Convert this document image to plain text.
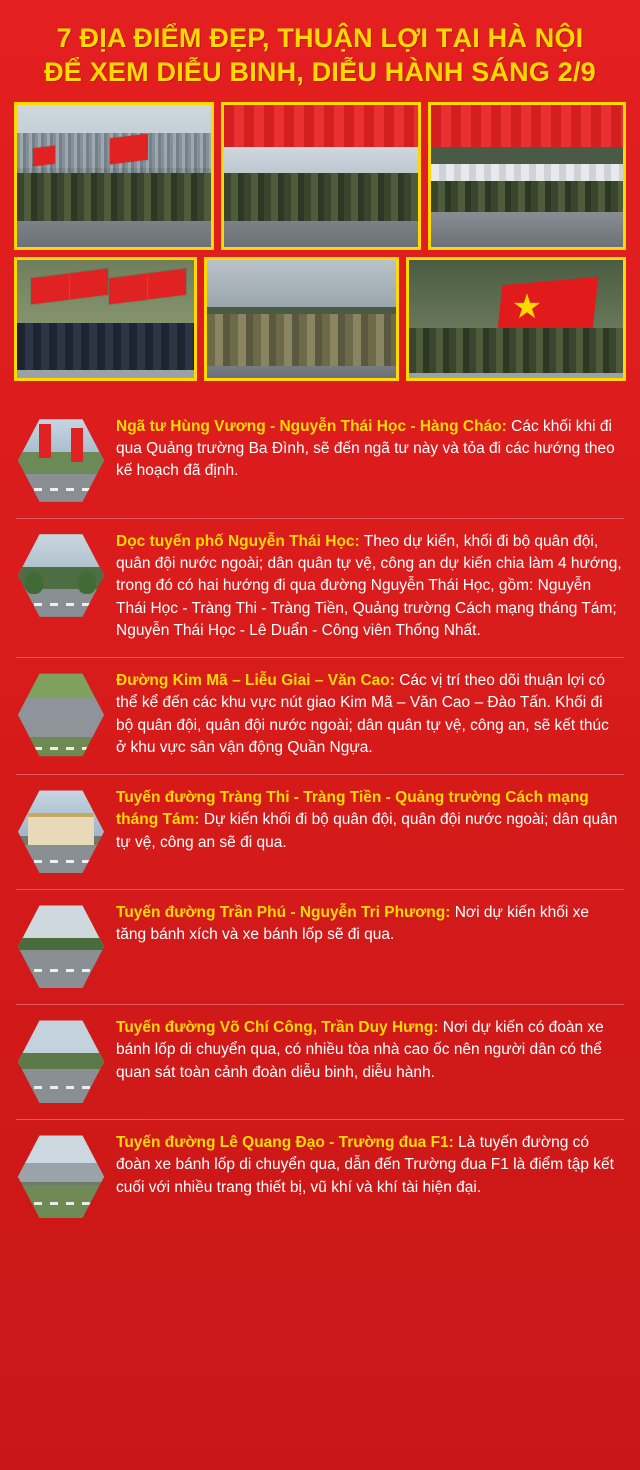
7 ĐỊA ĐIỂM ĐẸP, THUẬN LỢI TẠI HÀ NỘI
ĐỂ XEM DIỄU BINH, DIỄU HÀNH SÁNG 2/9
★
Ngã tư Hùng Vương - Nguyễn Thái Học - Hàng Cháo: Các khối khi đi qua Quảng trường Ba Đình, sẽ đến ngã tư này và tỏa đi các hướng theo kế hoạch đã định.
Dọc tuyến phố Nguyễn Thái Học: Theo dự kiến, khối đi bộ quân đội, quân đội nước ngoài; dân quân tự vệ, công an dự kiến chia làm 4 hướng, trong đó có hai hướng đi qua đường Nguyễn Thái Học, gồm: Nguyễn Thái Học - Tràng Thi - Tràng Tiền, Quảng trường Cách mạng tháng Tám; Nguyễn Thái Học - Lê Duẩn - Công viên Thống Nhất.
Đường Kim Mã – Liễu Giai – Văn Cao: Các vị trí theo dõi thuận lợi có thể kể đến các khu vực nút giao Kim Mã – Văn Cao – Đào Tấn. Khối đi bộ quân đội, quân đội nước ngoài; dân quân tự vệ, công an, sẽ kết thúc ở khu vực sân vận động Quần Ngựa.
Tuyến đường Tràng Thi - Tràng Tiền - Quảng trường Cách mạng tháng Tám: Dự kiến khối đi bộ quân đội, quân đội nước ngoài; dân quân tự vệ, công an sẽ đi qua.
Tuyến đường Trần Phú - Nguyễn Tri Phương: Nơi dự kiến khối xe tăng bánh xích và xe bánh lốp sẽ đi qua.
Tuyến đường Võ Chí Công, Trần Duy Hưng: Nơi dự kiến có đoàn xe bánh lốp di chuyển qua, có nhiều tòa nhà cao ốc nên người dân có thể quan sát toàn cảnh đoàn diễu binh, diễu hành.
Tuyến đường Lê Quang Đạo - Trường đua F1: Là tuyến đường có đoàn xe bánh lốp di chuyển qua, dẫn đến Trường đua F1 là điểm tập kết cuối với nhiều trang thiết bị, vũ khí và khí tài hiện đại.
